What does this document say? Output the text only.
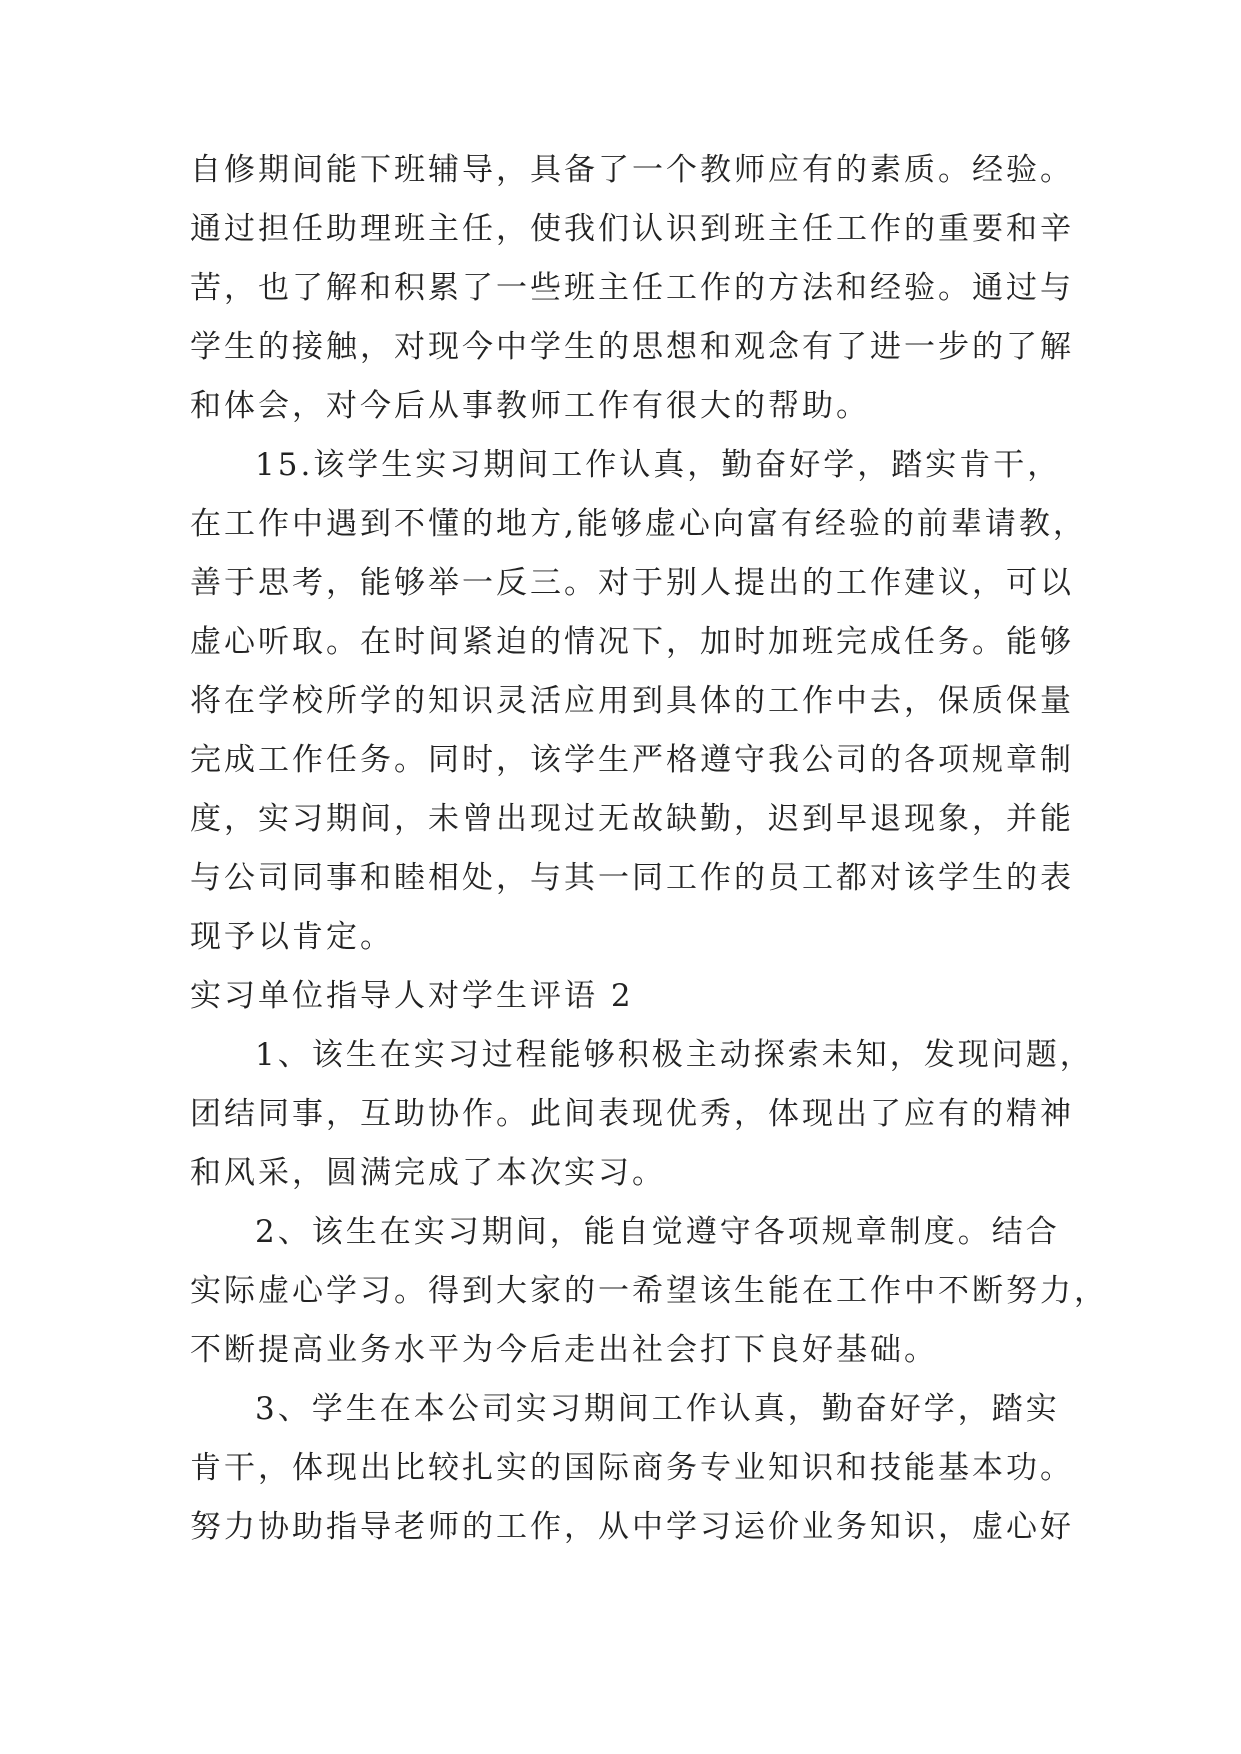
自修期间能下班辅导，具备了一个教师应有的素质。经验。
通过担任助理班主任，使我们认识到班主任工作的重要和辛
苦，也了解和积累了一些班主任工作的方法和经验。通过与
学生的接触，对现今中学生的思想和观念有了进一步的了解
和体会，对今后从事教师工作有很大的帮助。
15.该学生实习期间工作认真，勤奋好学，踏实肯干，
在工作中遇到不懂的地方,能够虚心向富有经验的前辈请教，
善于思考，能够举一反三。对于别人提出的工作建议，可以
虚心听取。在时间紧迫的情况下，加时加班完成任务。能够
将在学校所学的知识灵活应用到具体的工作中去，保质保量
完成工作任务。同时，该学生严格遵守我公司的各项规章制
度，实习期间，未曾出现过无故缺勤，迟到早退现象，并能
与公司同事和睦相处，与其一同工作的员工都对该学生的表
现予以肯定。
实习单位指导人对学生评语 2
1、该生在实习过程能够积极主动探索未知，发现问题，
团结同事，互助协作。此间表现优秀，体现出了应有的精神
和风采，圆满完成了本次实习。
2、该生在实习期间，能自觉遵守各项规章制度。结合
实际虚心学习。得到大家的一希望该生能在工作中不断努力，
不断提高业务水平为今后走出社会打下良好基础。
3、学生在本公司实习期间工作认真，勤奋好学，踏实
肯干，体现出比较扎实的国际商务专业知识和技能基本功。
努力协助指导老师的工作，从中学习运价业务知识，虚心好
